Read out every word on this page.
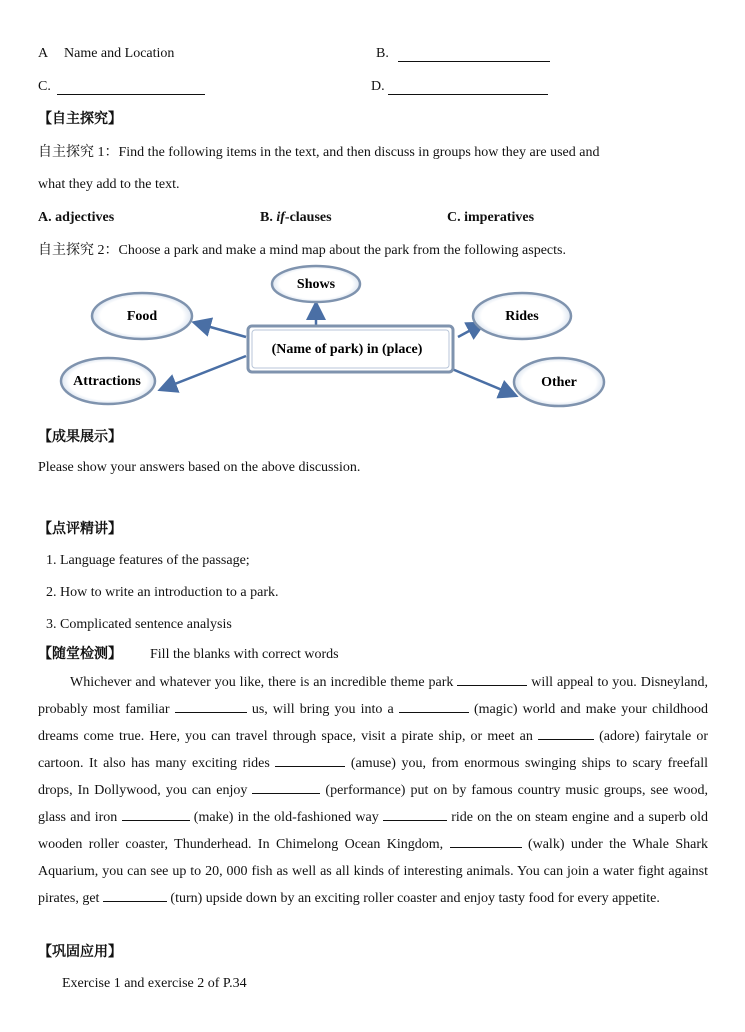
A Name and Location	B.
C.	D.
【自主探究】
自主探究 1：Find the following items in the text, and then discuss in groups how they are used and
what they add to the text.
A. adjectives	B. if-clauses	C. imperatives
自主探究 2：Choose a park and make a mind map about the park from the following aspects.
(Name of park) in (place)
Shows
Food	Rides
Attractions	Other
【成果展示】
Please show your answers based on the above discussion.
【点评精讲】
1. Language features of the passage;
2. How to write an introduction to a park.
3. Complicated sentence analysis
【随堂检测】 Fill the blanks with correct words
Whichever and whatever you like, there is an incredible theme park	will appeal to you. Disneyland, probably most familiar	us, will bring you into a	(magic) world and make your childhood dreams come true. Here, you can travel through space, visit a pirate ship, or meet an	(adore) fairytale or cartoon. It also has many exciting rides	(amuse) you, from enormous swinging ships to scary freefall drops, In Dollywood, you can enjoy	(performance) put on by famous country music groups, see wood, glass and iron	(make) in the old-fashioned way	ride on the on steam engine and a superb old wooden roller coaster, Thunderhead. In Chimelong Ocean Kingdom,	(walk) under the Whale Shark Aquarium, you can see up to 20, 000 fish as well as all kinds of interesting animals. You can join a water fight against pirates, get	(turn) upside down by an exciting roller coaster and enjoy tasty food for every appetite.
【巩固应用】
Exercise 1 and exercise 2 of P.34
